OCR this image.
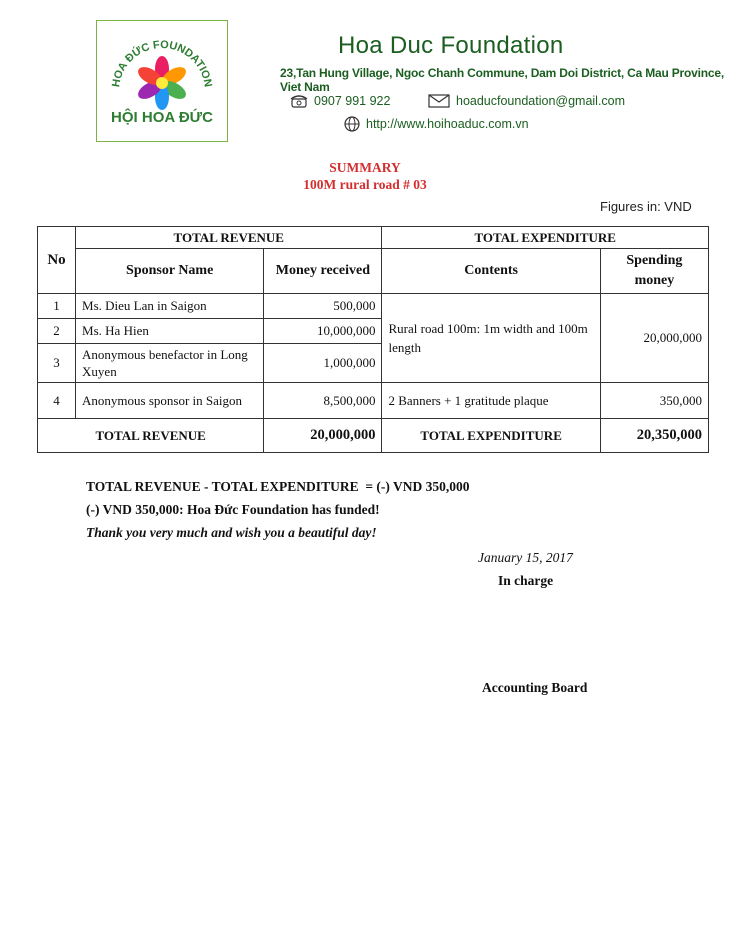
HOA ĐỨC FOUNDATION
HỘI HOA ĐỨC
Hoa Duc Foundation
23,Tan Hung Village, Ngoc Chanh Commune, Dam Doi District, Ca Mau Province, Viet Nam
0907 991 922	hoaducfoundation@gmail.com
http://www.hoihoaduc.com.vn
SUMMARY
100M rural road # 03
Figures in: VND
No	TOTAL REVENUE		TOTAL EXPENDITURE	
	Sponsor Name	Money received	Contents	Spending money
1	Ms. Dieu Lan in Saigon	500,000	Rural road 100m: 1m width and 100m length	20,000,000
2	Ms. Ha Hien	10,000,000		
3	Anonymous benefactor in Long Xuyen	1,000,000		
4	Anonymous sponsor in Saigon	8,500,000	2 Banners + 1 gratitude plaque	350,000
TOTAL REVENUE		20,000,000	TOTAL EXPENDITURE	20,350,000
TOTAL REVENUE - TOTAL EXPENDITURE  = (-) VND 350,000
(-) VND 350,000: Hoa Đức Foundation has funded!
Thank you very much and wish you a beautiful day!
January 15, 2017
In charge
Accounting Board
